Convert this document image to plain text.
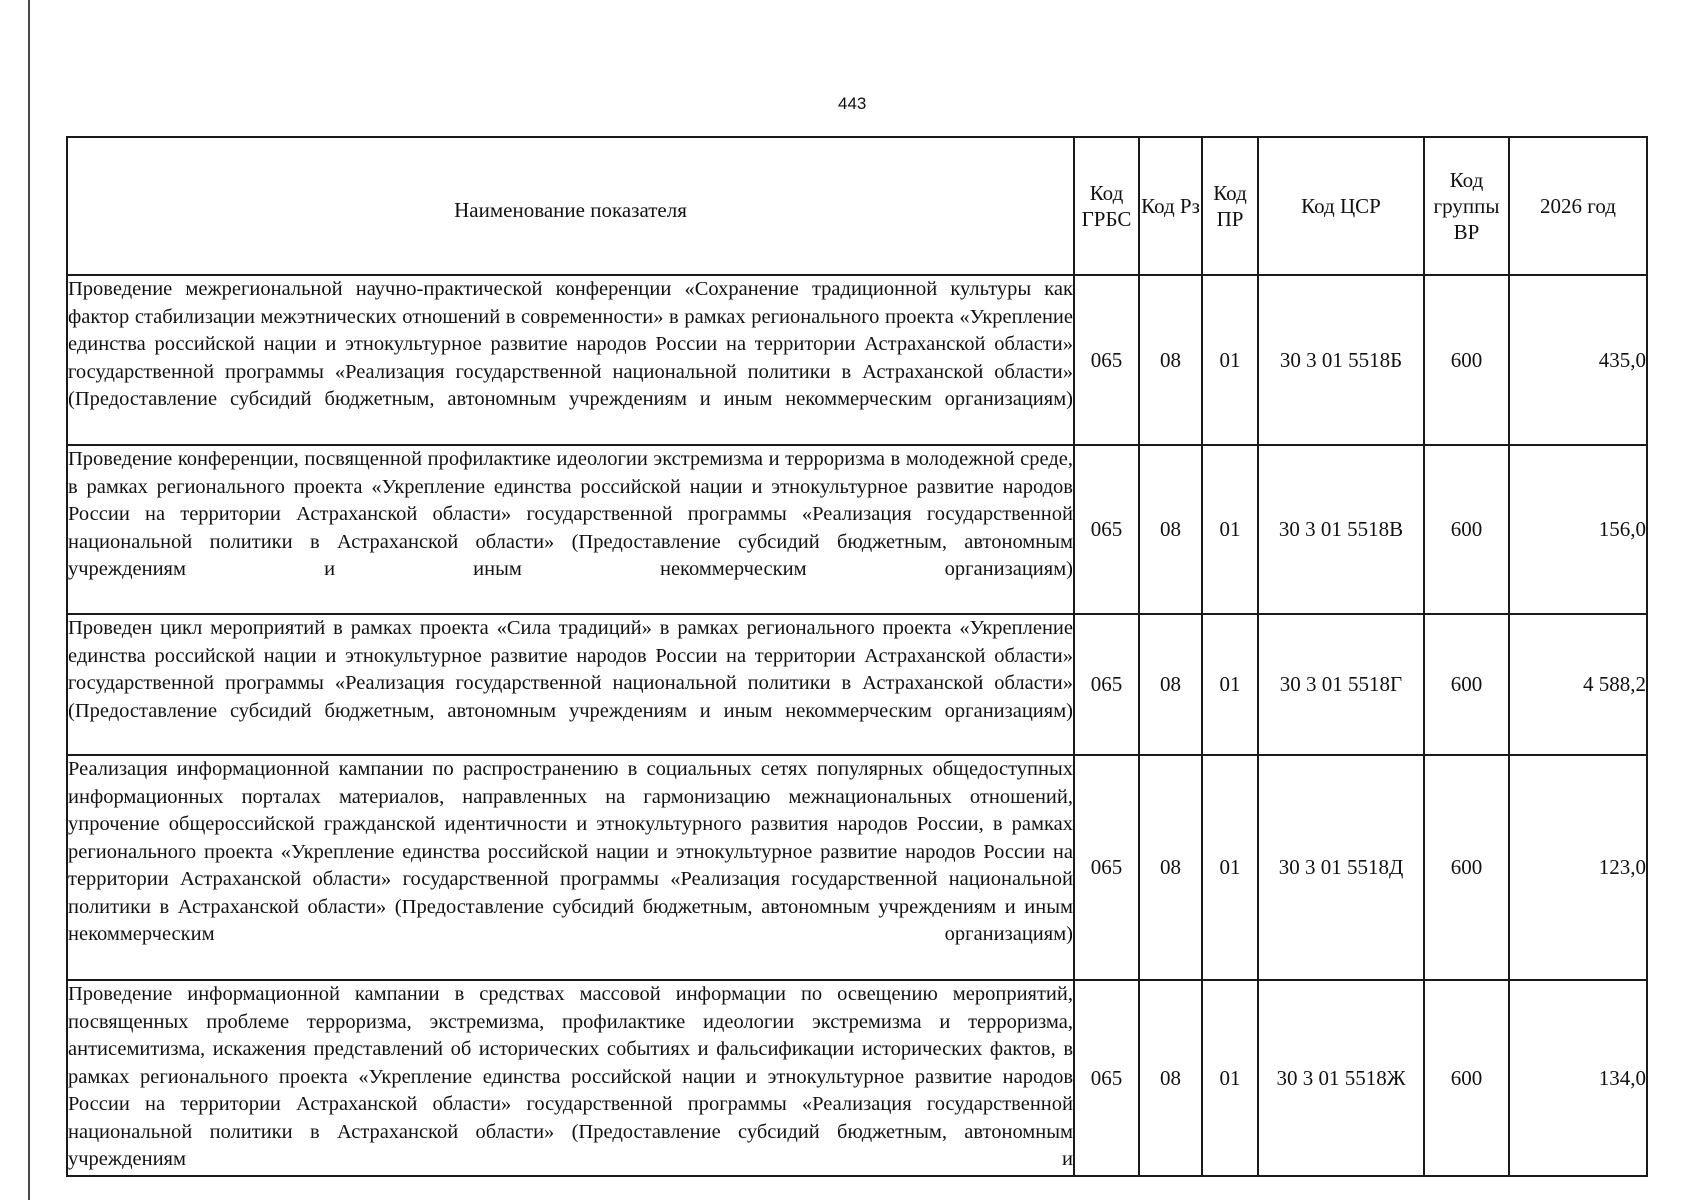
443
Наименование показателя	Код ГРБС	Код Рз	Код ПР	Код ЦСР	Код группы ВР	2026 год
Проведение межрегиональной научно-практической конференции «Сохранение традиционной культуры как фактор стабилизации межэтнических отношений в современности» в рамках регионального проекта «Укрепление единства российской нации и этнокультурное развитие народов России на территории Астраханской области» государственной программы «Реализация государственной национальной политики в Астраханской области» (Предоставление субсидий бюджетным, автономным учреждениям и иным некоммерческим организациям)	065	08	01	30 3 01 5518Б	600	435,0
Проведение конференции, посвященной профилактике идеологии экстремизма и терроризма в молодежной среде, в рамках регионального проекта «Укрепление единства российской нации и этнокультурное развитие народов России на территории Астраханской области» государственной программы «Реализация государственной национальной политики в Астраханской области» (Предоставление субсидий бюджетным, автономным учреждениям и иным некоммерческим организациям)	065	08	01	30 3 01 5518В	600	156,0
Проведен цикл мероприятий в рамках проекта «Сила традиций» в рамках регионального проекта «Укрепление единства российской нации и этнокультурное развитие народов России на территории Астраханской области» государственной программы «Реализация государственной национальной политики в Астраханской области» (Предоставление субсидий бюджетным, автономным учреждениям и иным некоммерческим организациям)	065	08	01	30 3 01 5518Г	600	4 588,2
Реализация информационной кампании по распространению в социальных сетях популярных общедоступных информационных порталах материалов, направленных на гармонизацию межнациональных отношений, упрочение общероссийской гражданской идентичности и этнокультурного развития народов России, в рамках регионального проекта «Укрепление единства российской нации и этнокультурное развитие народов России на территории Астраханской области» государственной программы «Реализация государственной национальной политики в Астраханской области» (Предоставление субсидий бюджетным, автономным учреждениям и иным некоммерческим организациям)	065	08	01	30 3 01 5518Д	600	123,0
Проведение информационной кампании в средствах массовой информации по освещению мероприятий, посвященных проблеме терроризма, экстремизма, профилактике идеологии экстремизма и терроризма, антисемитизма, искажения представлений об исторических событиях и фальсификации исторических фактов, в рамках регионального проекта «Укрепление единства российской нации и этнокультурное развитие народов России на территории Астраханской области» государственной программы «Реализация государственной национальной политики в Астраханской области» (Предоставление субсидий бюджетным, автономным учреждениям и	065	08	01	30 3 01 5518Ж	600	134,0
